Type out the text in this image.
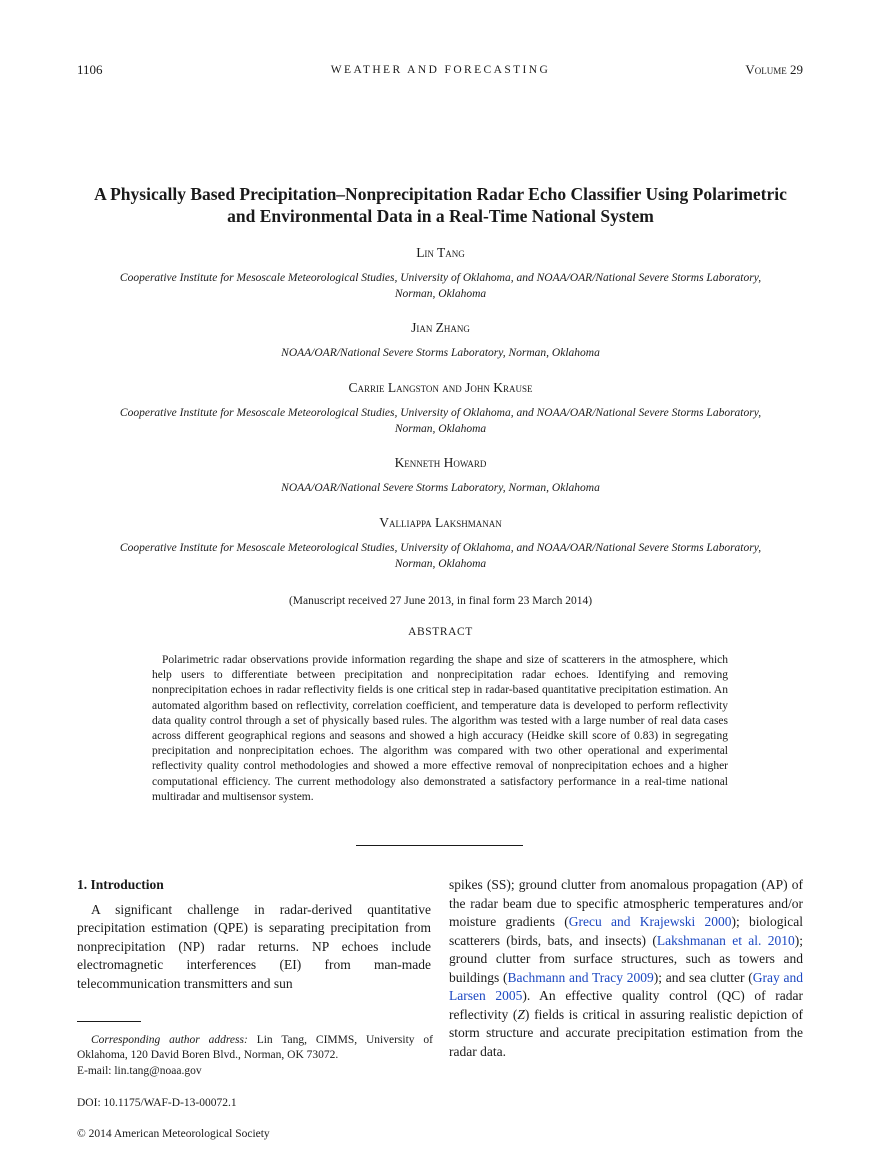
1106	WEATHER AND FORECASTING	Volume 29
A Physically Based Precipitation–Nonprecipitation Radar Echo Classifier Using Polarimetric and Environmental Data in a Real-Time National System
Lin Tang
Cooperative Institute for Mesoscale Meteorological Studies, University of Oklahoma, and NOAA/OAR/National Severe Storms Laboratory, Norman, Oklahoma
Jian Zhang
NOAA/OAR/National Severe Storms Laboratory, Norman, Oklahoma
Carrie Langston and John Krause
Cooperative Institute for Mesoscale Meteorological Studies, University of Oklahoma, and NOAA/OAR/National Severe Storms Laboratory, Norman, Oklahoma
Kenneth Howard
NOAA/OAR/National Severe Storms Laboratory, Norman, Oklahoma
Valliappa Lakshmanan
Cooperative Institute for Mesoscale Meteorological Studies, University of Oklahoma, and NOAA/OAR/National Severe Storms Laboratory, Norman, Oklahoma
(Manuscript received 27 June 2013, in final form 23 March 2014)
ABSTRACT
Polarimetric radar observations provide information regarding the shape and size of scatterers in the atmosphere, which help users to differentiate between precipitation and nonprecipitation radar echoes. Identifying and removing nonprecipitation echoes in radar reflectivity fields is one critical step in radar-based quantitative precipitation estimation. An automated algorithm based on reflectivity, correlation coefficient, and temperature data is developed to perform reflectivity data quality control through a set of physically based rules. The algorithm was tested with a large number of real data cases across different geographical regions and seasons and showed a high accuracy (Heidke skill score of 0.83) in segregating precipitation and nonprecipitation echoes. The algorithm was compared with two other operational and experimental reflectivity quality control methodologies and showed a more effective removal of nonprecipitation echoes and a higher computational efficiency. The current methodology also demonstrated a satisfactory performance in a real-time national multiradar and multisensor system.
1. Introduction

A significant challenge in radar-derived quantitative precipitation estimation (QPE) is separating precipitation from nonprecipitation (NP) radar returns. NP echoes include electromagnetic interferences (EI) from man-made telecommunication transmitters and sun

spikes (SS); ground clutter from anomalous propagation (AP) of the radar beam due to specific atmospheric temperatures and/or moisture gradients (Grecu and Krajewski 2000); biological scatterers (birds, bats, and insects) (Lakshmanan et al. 2010); ground clutter from surface structures, such as towers and buildings (Bachmann and Tracy 2009); and sea clutter (Gray and Larsen 2005). An effective quality control (QC) of radar reflectivity (Z) fields is critical in assuring realistic depiction of storm structure and accurate precipitation estimation from the radar data.

Corresponding author address: Lin Tang, CIMMS, University of Oklahoma, 120 David Boren Blvd., Norman, OK 73072.
E-mail: lin.tang@noaa.gov
DOI: 10.1175/WAF-D-13-00072.1
© 2014 American Meteorological Society
